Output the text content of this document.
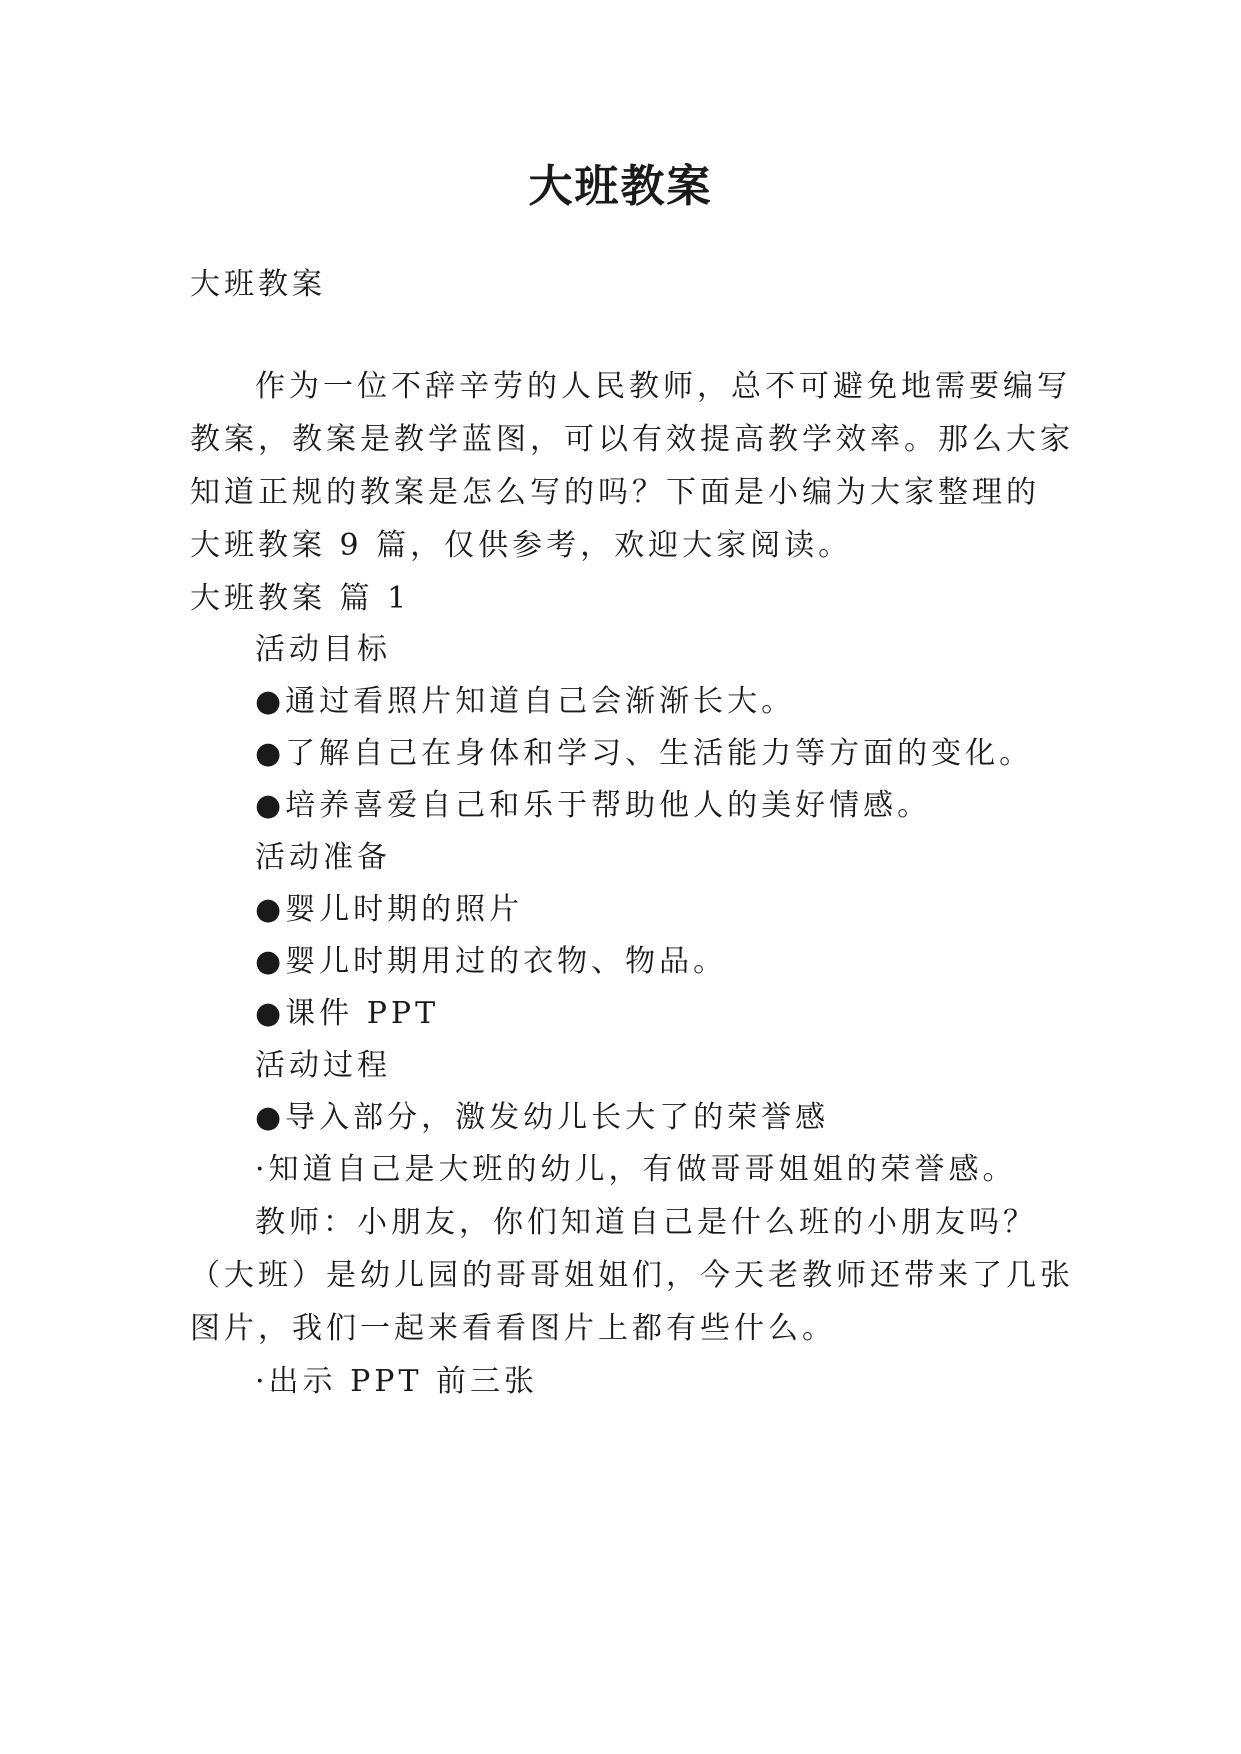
大班教案

大班教案

作为一位不辞辛劳的人民教师，总不可避免地需要编写

教案，教案是教学蓝图，可以有效提高教学效率。那么大家

知道正规的教案是怎么写的吗？下面是小编为大家整理的

大班教案 9 篇，仅供参考，欢迎大家阅读。

大班教案 篇 1

活动目标

●通过看照片知道自己会渐渐长大。

●了解自己在身体和学习、生活能力等方面的变化。

●培养喜爱自己和乐于帮助他人的美好情感。

活动准备

●婴儿时期的照片

●婴儿时期用过的衣物、物品。

●课件 PPT

活动过程

●导入部分，激发幼儿长大了的荣誉感

·知道自己是大班的幼儿，有做哥哥姐姐的荣誉感。

教师：小朋友，你们知道自己是什么班的小朋友吗？

（大班）是幼儿园的哥哥姐姐们，今天老教师还带来了几张

图片，我们一起来看看图片上都有些什么。

·出示 PPT 前三张
